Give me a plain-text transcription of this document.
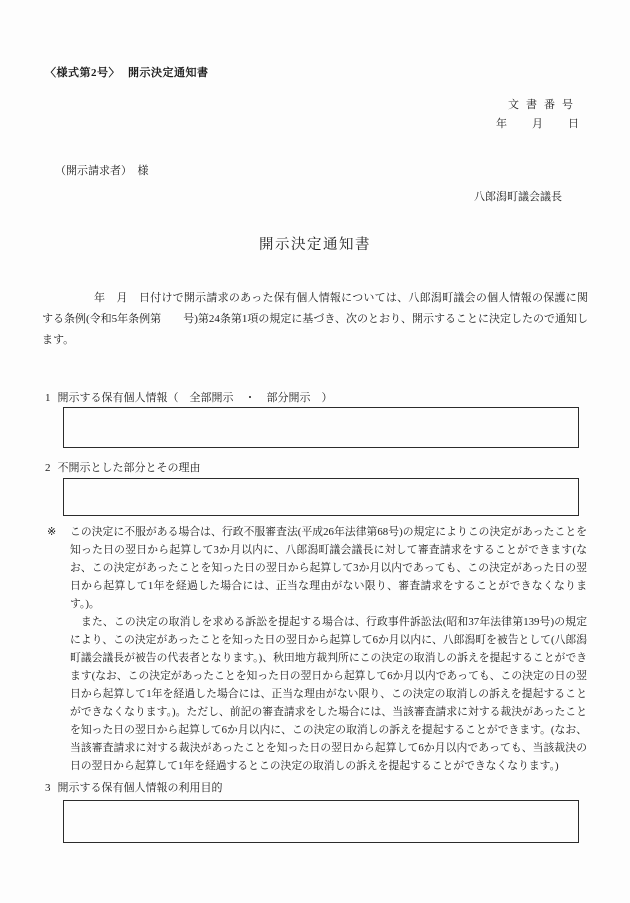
〈様式第2号〉 開示決定通知書
文書番号
年　　月　　日
（開示請求者）　様
八郎潟町議会議長
開示決定通知書

年　月　日付けで開示請求のあった保有個人情報については、八郎潟町議会の個人情報の保護に関する条例(令和5年条例第　　号)第24条第1項の規定に基づき、次のとおり、開示することに決定したので通知します。

1 開示する保有個人情報（　全部開示　・　部分開示　）
2 不開示とした部分とその理由
※ この決定に不服がある場合は、行政不服審査法(平成26年法律第68号)の規定によりこの決定があったことを知った日の翌日から起算して3か月以内に、八郎潟町議会議長に対して審査請求をすることができます(なお、この決定があったことを知った日の翌日から起算して3か月以内であっても、この決定があった日の翌日から起算して1年を経過した場合には、正当な理由がない限り、審査請求をすることができなくなります。)。

また、この決定の取消しを求める訴訟を提起する場合は、行政事件訴訟法(昭和37年法律第139号)の規定により、この決定があったことを知った日の翌日から起算して6か月以内に、八郎潟町を被告として(八郎潟町議会議長が被告の代表者となります。)、秋田地方裁判所にこの決定の取消しの訴えを提起することができます(なお、この決定があったことを知った日の翌日から起算して6か月以内であっても、この決定の日の翌日から起算して1年を経過した場合には、正当な理由がない限り、この決定の取消しの訴えを提起することができなくなります。)。ただし、前記の審査請求をした場合には、当該審査請求に対する裁決があったことを知った日の翌日から起算して6か月以内に、この決定の取消しの訴えを提起することができます。(なお、当該審査請求に対する裁決があったことを知った日の翌日から起算して6か月以内であっても、当該裁決の日の翌日から起算して1年を経過するとこの決定の取消しの訴えを提起することができなくなります。)

3 開示する保有個人情報の利用目的
